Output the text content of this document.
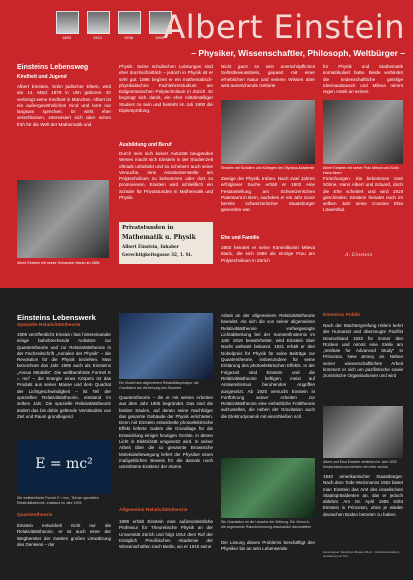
1893	1912	1938	1955 Albert Einstein

– Physiker, Wissenschaftler, Philosoph, Weltbürger –

Einsteins Lebensweg
Kindheit und Jugend

Albert Einstein, Sohn jüdischer Eltern, wird am 14. März 1879 in Ulm geboren. Er verbringt seine Kindheit in München. Albert ist ein außergewöhnliches Kind und lernt nur langsam sprechen. Er wirkt eher verschlossen, interessiert sich aber schon früh für die Welt der Mathematik und

Albert Einstein mit seiner Schwester Maria um 1884

Physik. Seine schulischen Leistungen sind eher durchschnittlich – jedoch in Physik ist er sehr gut. 1896 beginnt er ein mathematisch-physikalisches Fachlehrerstudium am Eidgenössischen Polytechnikum in Zürich. Er begnügt sich damit, ein eher mittelmäßiger Student zu sein und besteht im Juli 1900 die Diplomprüfung.

Ausbildung und Beruf

Durch sein sich keiner Autorität beugendes Wesen macht sich Einstein in der Studienzeit oftmals unbeliebt und so scheitern auch seine Versuche, eine Assistentenstelle am Polytechnikum zu bekommen oder dort zu promovieren. Einstein wird schließlich ein Schüler für Privatstunden in Mathematik und Physik.

Privatstunden in
Mathematik u. Physik
Albert Einstein, Inhaber
Gerechtigkeitsgasse 32, 1. St.

Nicht ganz so sein unerschöpfliches Selbstbewusstsein, gepaart mit einer erheblichen Natur und seinem Wissen über weit ausreichende Gebiete

Einstein mit Schülern und Kollegen der Olympia-Akademie

Zweige der Physik, trüben. Nach zwei Jahren erfolgloser Suche erhält er 1902 eine Festanstellung am Schweizerischen Patentamt in Bern, nachdem er ein Jahr zuvor bereits schweizerischer Staatsbürger geworden war.

Ehe und Familie

1903 heiratet er seine Kommilitonin Mileva Maric, die sich 1896 als einzige Frau am Polytechnikum in Zürich

für Physik und Mathematik immatrikuliert hatte. Beide verbindet die leidenschaftliche geistige Ideenaustausch und Mileva nimmt regen Anteil an seinen

Albert Einstein mit seiner Frau Mileva und Sohn Hans Albert

Forschungen. Sie bekommen zwei Söhne, Hans Albert und Eduard, doch die Ehe scheitert und wird 1919 geschieden. Einstein heiratet noch im selben Jahr seine Cousine Elsa Löwenthal.

A. Einstein
Einsteins Lebenswerk
Spezielle Relativitätstheorie

1905 veröffentlicht Einstein fast hintereinander einige bahnbrechende Aufsätze zur Quantentheorie und zur Relativitätstheorie in der Fachzeitschrift „Annalen der Physik“ – die Revolution für die Physik beziehen. Man bezeichnet das Jahr 1905 auch als Einsteins „Annus Mirabilis“. Die weltberühmte Formel E = mc² – die Energie eines Körpers ist das Produkt aus seiner Masse und dem Quadrat der Lichtgeschwindigkeit – ist Teil der speziellen Relativitätstheorie, entstand im selben Jahr. Die spezielle Relativitätstheorie ändert das bis dahin geltende Verständnis von Zeit und Raum grundlegend.

E = mc²

Die weltberühmte Formel E = mc², Teil der speziellen Relativitätstheorie, entstand im Jahr 1905

Quantentheorie

Einstein entwickelt nicht nur die Relativitätstheorie, er ist auch einer der Wegbereiter der zweiten großen Umwälzung des Denkens – der

Ein Modell des allgemeinen Relativitätsprinzips: die Gravitation als Verformung des Raumes

Quantentheorie – die er mit seinen Arbeiten aus dem Jahr 1905 begründet. Das sind die beiden Säulen, auf denen seine Nachfolger das gesamte Gebäude der Physik errichteten. Denn mit Einstein entwickelte photoelektrische Effekt lieferte zudem die Grundlage für die Entwicklung einiger heutigen Geräte, in denen Licht in Elektrizität umgesetzt wird. In seiner Arbeit über die so genannte Brownsche Molekularbewegung liefert der Physiker einen maßgeblichen Beweis für die damals noch umstrittene Existenz der Atome.

Allgemeine Relativitätstheorie

1909 erhält Einstein eine außerordentliche Professur für Theoretische Physik an der Universität Zürich und folgt 1914 dem Ruf der Königlich Preußischen Akademie der Wissenschaften nach Berlin, wo er 1915 seine

Arbeit an der allgemeinen Relativitätstheorie beendet. Als sich die von seiner allgemeinen Relativitätstheorie vorhergesagte Lichtablenkung bei der Sonnenfinsternis im Jahr 1919 bewahrheitet, wird Einstein über Nacht weltweit bekannt. 1921 erhält er den Nobelpreis für Physik für seine Beiträge zur Quantentheorie, insbesondere für seine Erklärung des photoelektrischen Effekts. In der Folgezeit sind Einstein und die Relativitätstheorie heftigen, meist auf Antisemitismus beruhenden Angriffen ausgesetzt. Ab 1920 versucht Einstein in Fortführung seiner Arbeiten zur Relativitätstheorie eine einheitliche Feldtheorie aufzustellen, die neben der Gravitation auch die Elektrodynamik mit einschließen soll.

Die Gravitation ist die Ursache der Wirkung. Ein Versuch, die sogenannte Raumkrümmung anschaulich darzustellen

Die Lösung dieses Problems beschäftigt den Physiker bis an sein Lebensende.

Einsteins Politik

Nach der Machtergreifung Hitlers kehrt der Humanist und überzeugte Pazifist Deutschland 1933 für immer den Rücken und nimmt eine Stelle am „Institute for Advanced Study“ in Princeton, New Jersey, an. Neben seiner wissenschaftlichen Arbeit kümmert er sich um pazifistische sowie zionistische Organisationen und wird

Albert und Elsa Einstein verließen im Jahr 1933 Deutschland und kehrten nie mehr zurück

1940 amerikanischer Staatsbürger. Nach dem Tode Weizmanns 1952 bietet man Einstein das Amt des israelischen Staatspräsidenten an, das er jedoch ablehnt. Am 18. April 1955 stirbt Einstein in Princeton, ohne je wieder deutschen Boden betreten zu haben.

Herausgeber: Deutsches Museum Bonn · Einsteinausstellung · Gestaltung und Text
